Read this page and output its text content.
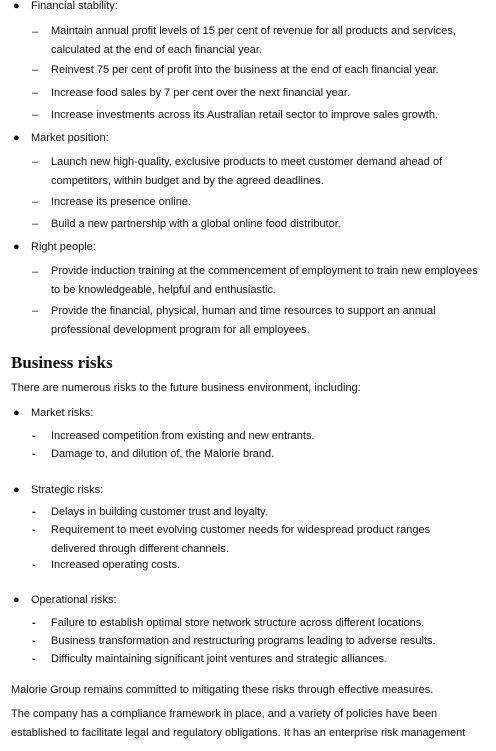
● Financial stability:
– Maintain annual profit levels of 15 per cent of revenue for all products and services, calculated at the end of each financial year.
– Reinvest 75 per cent of profit into the business at the end of each financial year.
– Increase food sales by 7 per cent over the next financial year.
– Increase investments across its Australian retail sector to improve sales growth.
● Market position:
– Launch new high-quality, exclusive products to meet customer demand ahead of competitors, within budget and by the agreed deadlines.
– Increase its presence online.
– Build a new partnership with a global online food distributor.
● Right people:
– Provide induction training at the commencement of employment to train new employees to be knowledgeable, helpful and enthusiastic.
– Provide the financial, physical, human and time resources to support an annual professional development program for all employees.
Business risks
There are numerous risks to the future business environment, including:
● Market risks:
- Increased competition from existing and new entrants.
- Damage to, and dilution of, the Malorie brand.
● Strategic risks:
- Delays in building customer trust and loyalty.
- Requirement to meet evolving customer needs for widespread product ranges delivered through different channels.
- Increased operating costs.
● Operational risks:
- Failure to establish optimal store network structure across different locations.
- Business transformation and restructuring programs leading to adverse results.
- Difficulty maintaining significant joint ventures and strategic alliances.
Malorie Group remains committed to mitigating these risks through effective measures.
The company has a compliance framework in place, and a variety of policies have been established to facilitate legal and regulatory obligations. It has an enterprise risk management
